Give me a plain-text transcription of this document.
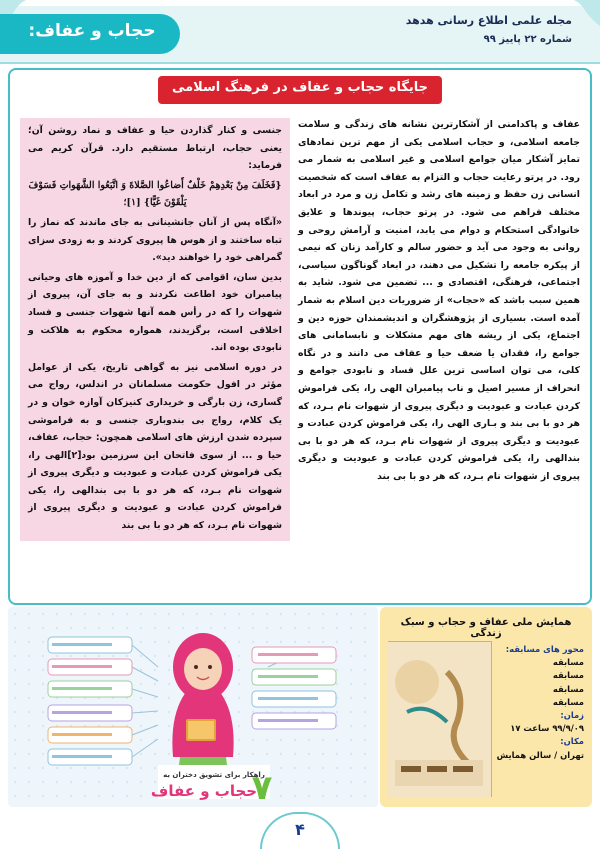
حجاب و عفاف:
مجله علمی اطلاع رسانی هدهد
شماره ۲۲ پاییز ۹۹
جایگاه حجاب و عفاف در فرهنگ اسلامی

عفاف و پاکدامنی از آشکارترین نشانه های زندگی و سلامت جامعه اسلامی، و حجاب اسلامی یکی از مهم ترین نمادهای تمایز آشکار میان جوامع اسلامی و غیر اسلامی به شمار می رود. در پرتو رعایت حجاب و التزام به عفاف است که شخصیت انسانی زن حفظ و زمینه های رشد و تکامل زن و مرد در ابعاد مختلف فراهم می شود. در پرتو حجاب، پیوندها و علایق خانوادگی استحکام و دوام می یابد، امنیت و آرامش روحی و روانی به وجود می آید و حضور سالم و کارآمد زنان که نیمی از پیکره جامعه را تشکیل می دهند، در ابعاد گوناگون سیاسی، اجتماعی، فرهنگی، اقتصادی و ... تضمین می شود. شاید به همین سبب باشد که «حجاب» از ضروریات دین اسلام به شمار آمده است. بسیاری از پژوهشگران و اندیشمندان حوزه دین و اجتماع، یکی از ریشه های مهم مشکلات و نابسامانی های جوامع را، فقدان یا ضعف حیا و عفاف می دانند و در نگاه کلی، می توان اساسی ترین علل فساد و نابودی جوامع و انحراف از مسیر اصیل و ناب پیامبران الهی را، یکی فراموش کردن عبادت و عبودیت و دیگری پیروی از شهوات نام بـرد، که هر دو با بی بند و بـاری الهی را، یکی فراموش کردن عبادت و عبودیت و دیگری پیروی از شهوات نام بـرد، که هر دو با بی بندالهی را، یکی فراموش کردن عبادت و عبودیت و دیگری پیروی از شهوات نام بـرد، که هر دو با بی بند

جنسی و کنار گذاردن حیا و عفاف و نماد روشن آن؛ یعنی حجاب، ارتباط مستقیم دارد. قرآن کریم می فرماید:

{فَخَلَفَ مِنْ بَعْدِهِمْ خَلْفٌ أَضاعُوا الصَّلاةَ وَ اتَّبَعُوا الشَّهَواتِ فَسَوْفَ یَلْقَوْنَ غَیًّا} [۱]؛

«آنگاه پس از آنان جانشینانی به جای ماندند که نماز را تباه ساختند و از هوس ها پیروی کردند و به زودی سزای گمراهی خود را خواهند دید».

بدین سان، اقوامی که از دین خدا و آموزه های وحیانی پیامبران خود اطاعت نکردند و به جای آن، پیروی از شهوات را که در رأس همه آنها شهوات جنسی و فساد اخلاقی است، برگزیدند، همواره محکوم به هلاکت و نابودی بوده اند.

در دوره اسلامی نیز به گواهی تاریخ، یکی از عوامل مؤثر در افول حکومت مسلمانان در اندلس، رواج می گساری، زن بارگی و خریداری کنیزکان آوازه خوان و در یک کلام، رواج بی بندوباری جنسی و به فراموشی سپرده شدن ارزش های اسلامی همچون: حجاب، عفاف، حیا و ... از سوی فاتحان این سرزمین بود[۲]الهی را، یکی فراموش کردن عبادت و عبودیت و دیگری پیروی از شهوات نام بـرد، که هر دو با بی بندالهی را، یکی فراموش کردن عبادت و عبودیت و دیگری پیروی از شهوات نام بـرد، که هر دو با بی بند

راهکار برای تشویق دختران به
حجاب و عفاف
۷
همایش ملی عفاف و حجاب و سبک زندگی
محور های مسابقه:
مسابقه
مسابقه
مسابقه
مسابقه
زمان:
۹۹/۹/۰۹ ساعت ۱۷
مکان:
تهران / سالن همایش
۴
